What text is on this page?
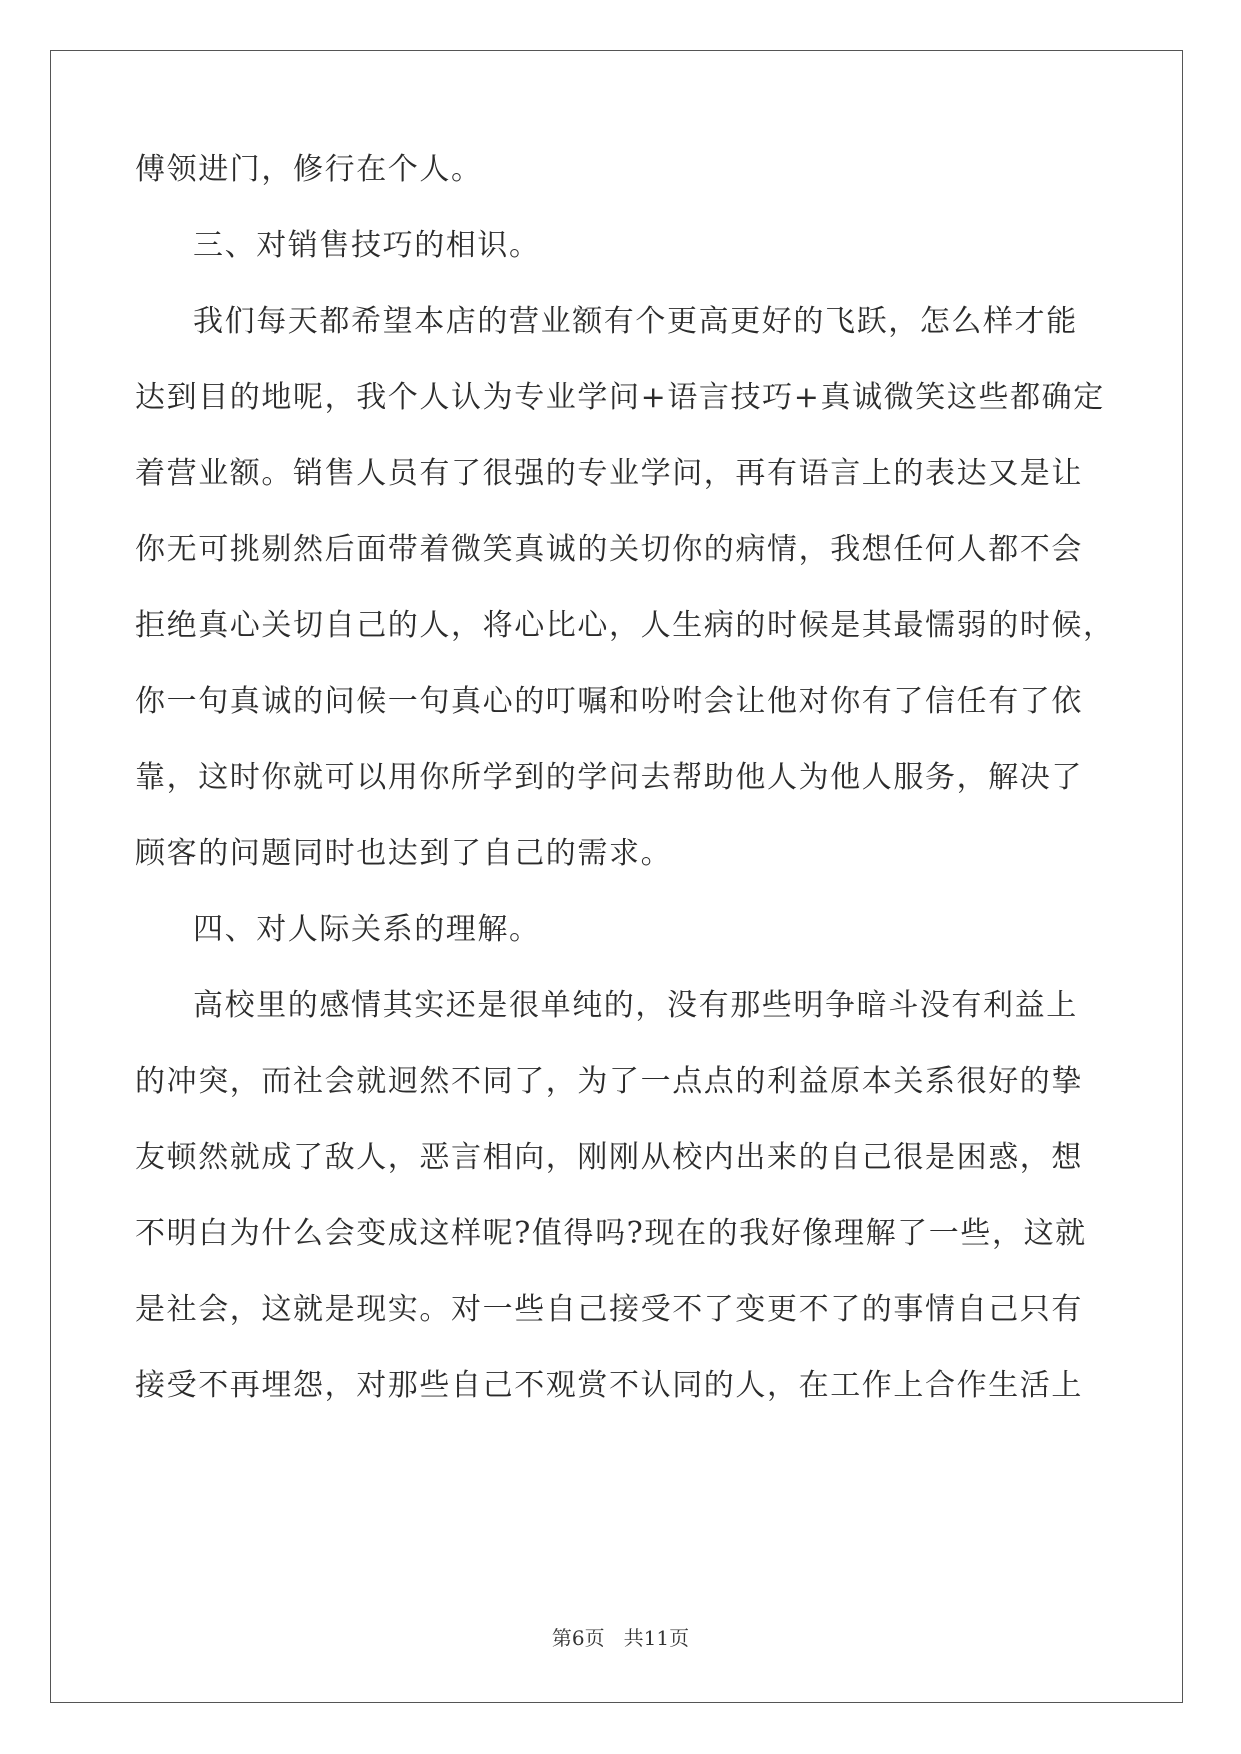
傅领进门，修行在个人。
三、对销售技巧的相识。
我们每天都希望本店的营业额有个更高更好的飞跃，怎么样才能
达到目的地呢，我个人认为专业学问+语言技巧+真诚微笑这些都确定
着营业额。销售人员有了很强的专业学问，再有语言上的表达又是让
你无可挑剔然后面带着微笑真诚的关切你的病情，我想任何人都不会
拒绝真心关切自己的人，将心比心，人生病的时候是其最懦弱的时候，
你一句真诚的问候一句真心的叮嘱和吩咐会让他对你有了信任有了依
靠，这时你就可以用你所学到的学问去帮助他人为他人服务，解决了
顾客的问题同时也达到了自己的需求。
四、对人际关系的理解。
高校里的感情其实还是很单纯的，没有那些明争暗斗没有利益上
的冲突，而社会就迥然不同了，为了一点点的利益原本关系很好的挚
友顿然就成了敌人，恶言相向，刚刚从校内出来的自己很是困惑，想
不明白为什么会变成这样呢?值得吗?现在的我好像理解了一些，这就
是社会，这就是现实。对一些自己接受不了变更不了的事情自己只有
接受不再埋怨，对那些自己不观赏不认同的人，在工作上合作生活上
第6页 共11页
